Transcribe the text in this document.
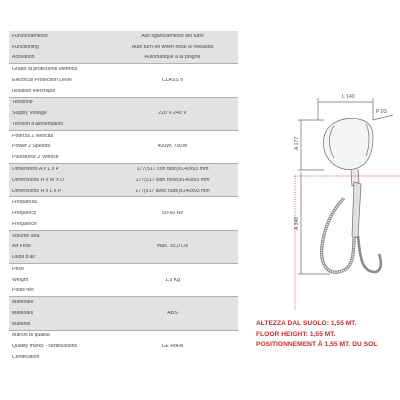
Funzionamento	Allo sganciamento del tubo
Functioning	Auto turn-on when hose is released
Activation	Automatique a la poigné
Grado di protezione elettrica
Electrical Protection Level	CLASS II
Isolation électrique
Tensione
Supply Voltage	220 V-240 V
Tension d'alimentation
Poterza 2 velocità
Power 2 Speeds	400W, 700W
Puissance 2 Vitesse
Dimensioni A x L x P	177(517 con tubo)x140x93 mm
Dimensions H x W x D	177(517 with hose)x140x93 mm
Dimensions H x L x P	177(517 avec tube)x140x93 mm
Frequenza
Frequency	50-60 Hz
Fréquence
Volume aria
Air Flow	max. 30,0 L/s
Débit d'air
Peso
Weight	1,3 Kg
Poids net
Materiale
Materials	ABS
Matériel
Marchi di qualità
Quality marks - certifications	CE RoHs
Certification
L 140
P 93
A 177
A 340
ALTEZZA DAL SUOLO: 1,55 MT.
FLOOR HEIGHT: 1,55 MT.
POSITIONNEMENT À 1,55 MT. DU SOL
